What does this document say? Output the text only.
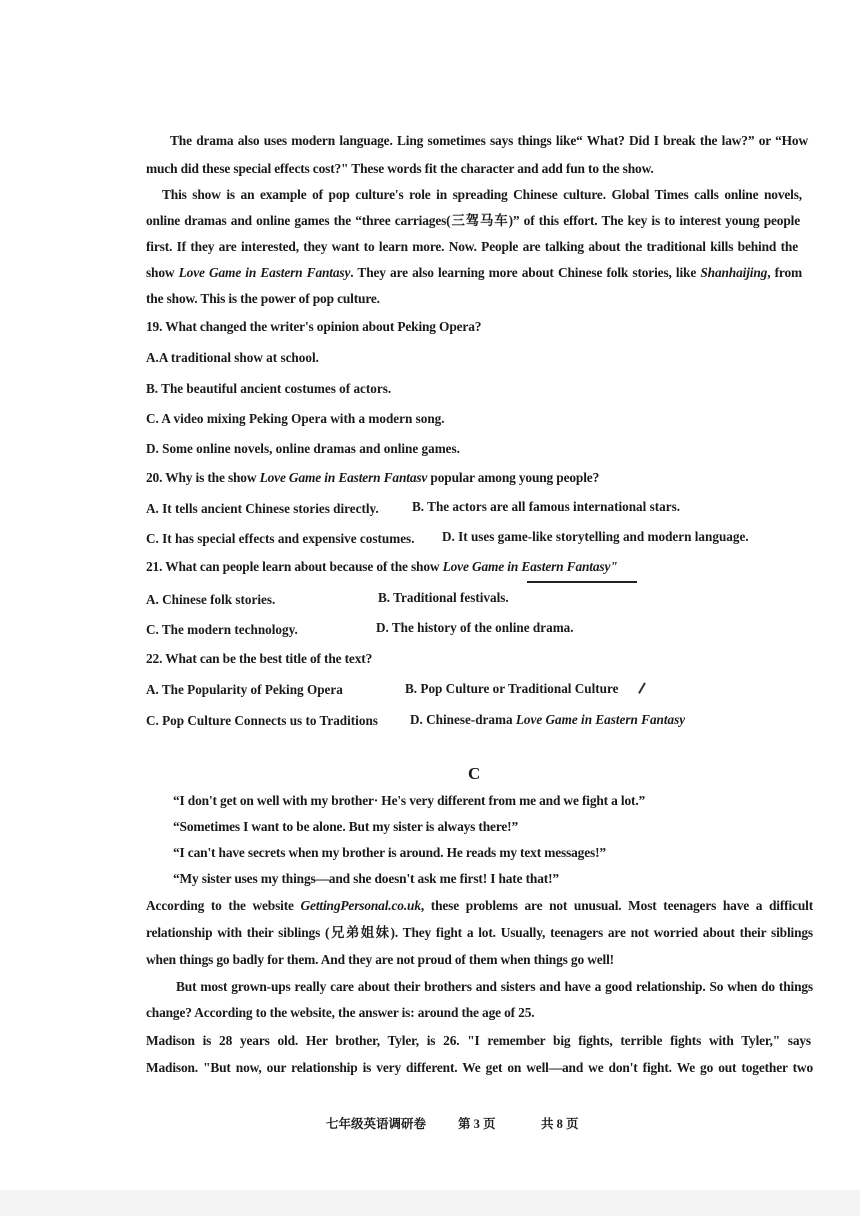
The drama also uses modern language. Ling sometimes says things like“ What? Did I break the law?” or “How
much did these special effects cost?" These words fit the character and add fun to the show.
This show is an example of pop culture's role in spreading Chinese culture. Global Times calls online novels,
online dramas and online games the “three carriages(三驾马车)” of this effort. The key is to interest young people
first. If they are interested, they want to learn more. Now. People are talking about the traditional kills behind the
show Love Game in Eastern Fantasy. They are also learning more about Chinese folk stories, like Shanhaijing, from
the show. This is the power of pop culture.
19. What changed the writer's opinion about Peking Opera?
A.A traditional show at school.
B. The beautiful ancient costumes of actors.
C. A video mixing Peking Opera with a modern song.
D. Some online novels, online dramas and online games.
20. Why is the show Love Game in Eastern Fantasv popular among young people?
A. It tells ancient Chinese stories directly.	B. The actors are all famous international stars.
C. It has special effects and expensive costumes. D. It uses game-like storytelling and modern language.
21. What can people learn about because of the show Love Game in Eastern Fantasy"
A. Chinese folk stories.	B. Traditional festivals.
C. The modern technology.	D. The history of the online drama.
22. What can be the best title of the text?
A. The Popularity of Peking Opera	B. Pop Culture or Traditional Culture
C. Pop Culture Connects us to Traditions D. Chinese-drama Love Game in Eastern Fantasy
C
“I don't get on well with my brother· He's very different from me and we fight a lot.”
“Sometimes I want to be alone. But my sister is always there!”
“I can't have secrets when my brother is around. He reads my text messages!”
“My sister uses my things—and she doesn't ask me first! I hate that!”
According to the website GettingPersonal.co.uk, these problems are not unusual. Most teenagers have a difficult
relationship with their siblings (兄弟姐妹). They fight a lot. Usually, teenagers are not worried about their siblings
when things go badly for them. And they are not proud of them when things go well!
But most grown-ups really care about their brothers and sisters and have a good relationship. So when do things
change? According to the website, the answer is: around the age of 25.
Madison is 28 years old. Her brother, Tyler, is 26. "I remember big fights, terrible fights with Tyler," says
Madison. "But now, our relationship is very different. We get on well—and we don't fight. We go out together two
七年级英语调研卷	第 3 页	共 8 页
